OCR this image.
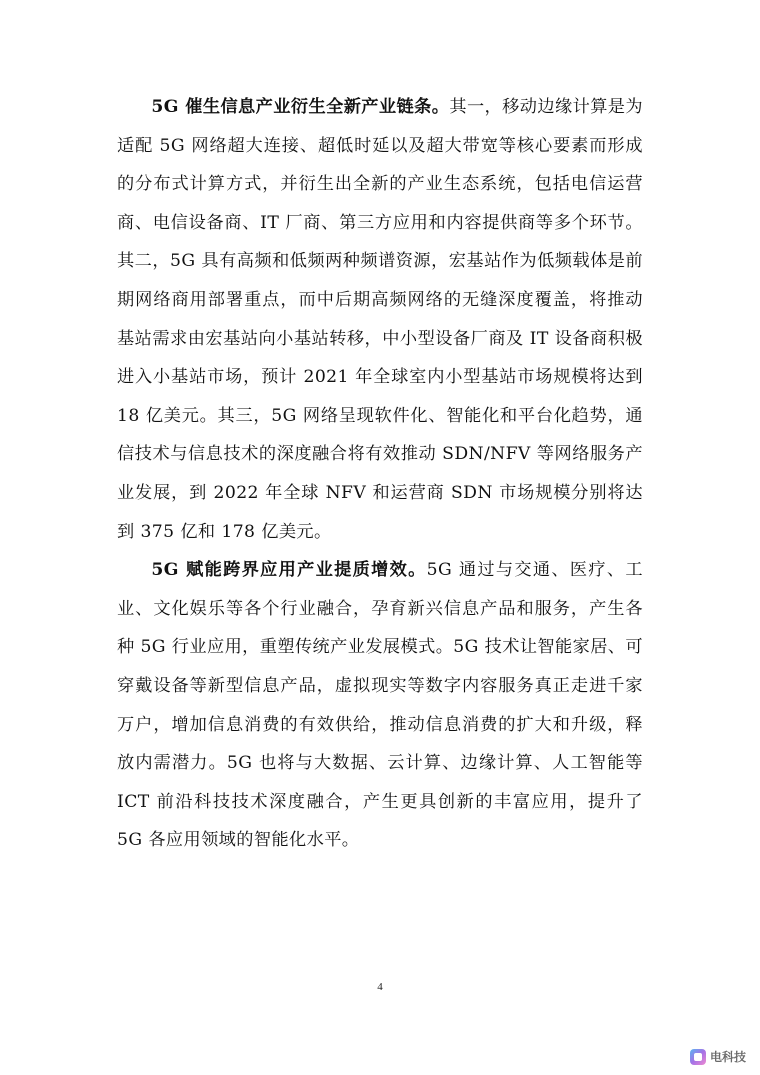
5G 催生信息产业衍生全新产业链条。其一，移动边缘计算是为适配 5G 网络超大连接、超低时延以及超大带宽等核心要素而形成的分布式计算方式，并衍生出全新的产业生态系统，包括电信运营商、电信设备商、IT 厂商、第三方应用和内容提供商等多个环节。其二，5G 具有高频和低频两种频谱资源，宏基站作为低频载体是前期网络商用部署重点，而中后期高频网络的无缝深度覆盖，将推动基站需求由宏基站向小基站转移，中小型设备厂商及 IT 设备商积极进入小基站市场，预计 2021 年全球室内小型基站市场规模将达到 18 亿美元。其三，5G 网络呈现软件化、智能化和平台化趋势，通信技术与信息技术的深度融合将有效推动 SDN/NFV 等网络服务产业发展，到 2022 年全球 NFV 和运营商 SDN 市场规模分别将达到 375 亿和 178 亿美元。

5G 赋能跨界应用产业提质增效。5G 通过与交通、医疗、工业、文化娱乐等各个行业融合，孕育新兴信息产品和服务，产生各种 5G 行业应用，重塑传统产业发展模式。5G 技术让智能家居、可穿戴设备等新型信息产品，虚拟现实等数字内容服务真正走进千家万户，增加信息消费的有效供给，推动信息消费的扩大和升级，释放内需潜力。5G 也将与大数据、云计算、边缘计算、人工智能等 ICT 前沿科技技术深度融合，产生更具创新的丰富应用，提升了 5G 各应用领域的智能化水平。

4
电科技
